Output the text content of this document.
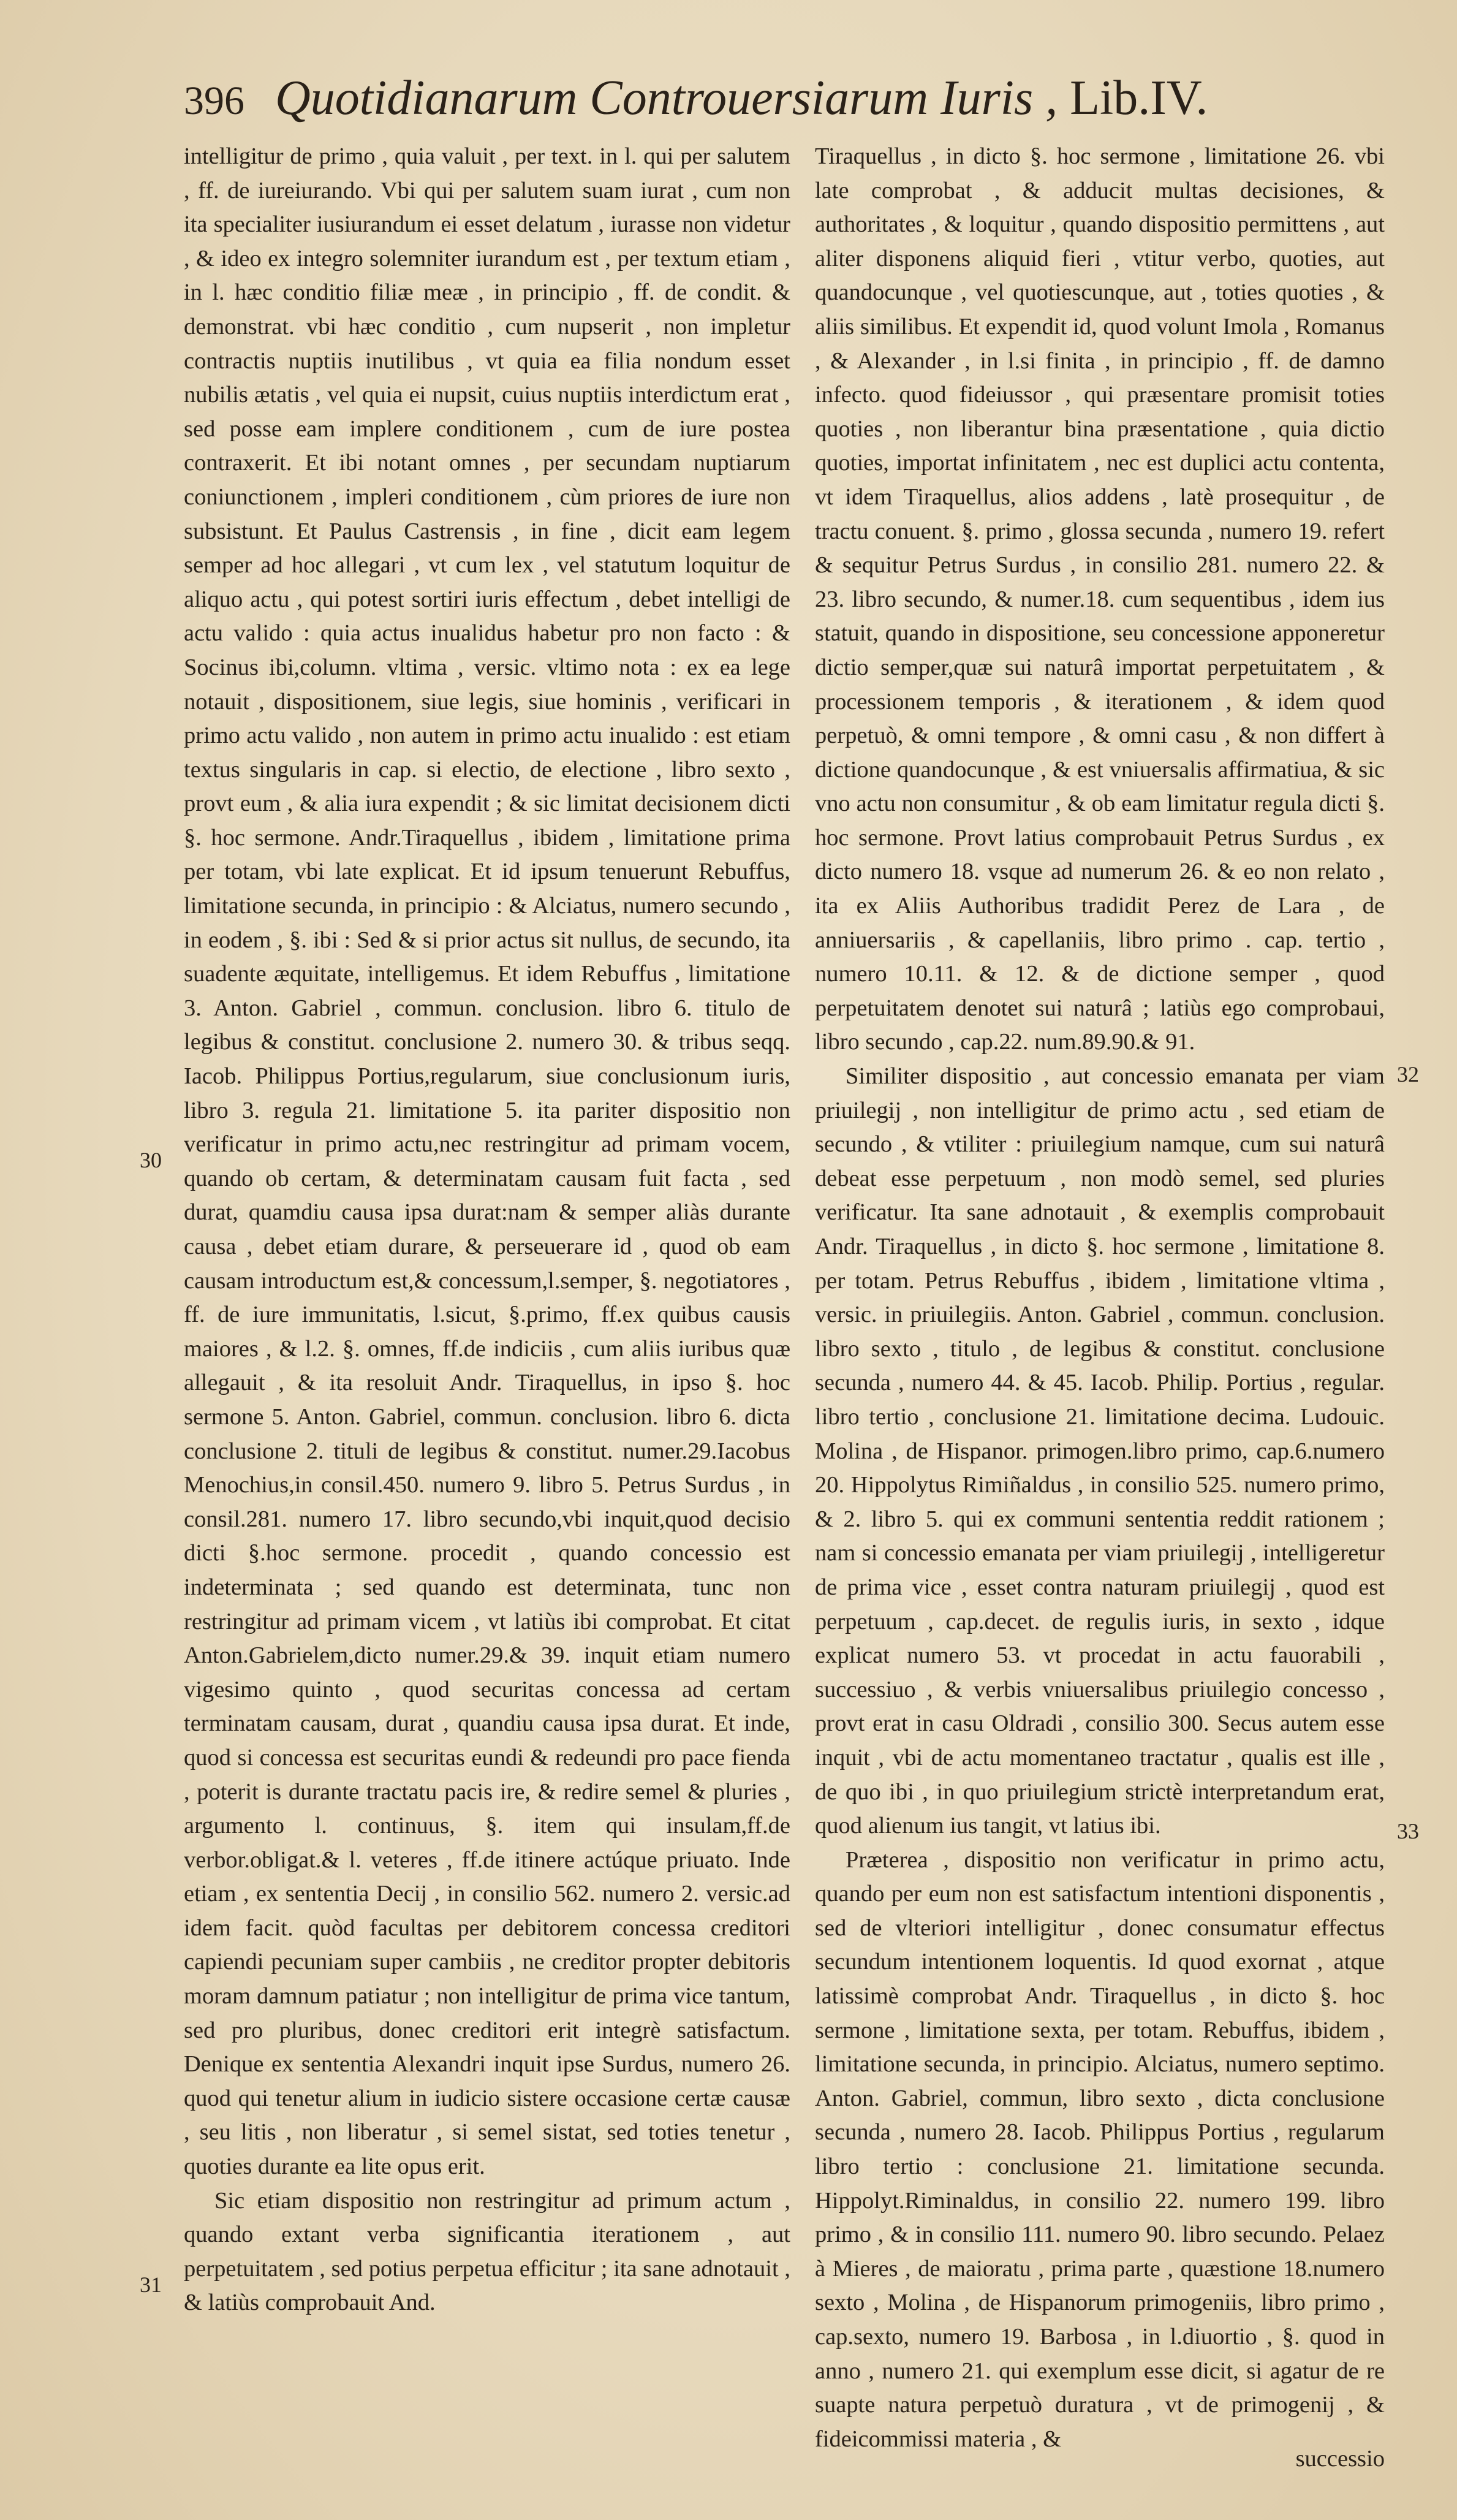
396 Quotidianarum Controuersiarum Iuris , Lib.IV.

intelligitur de primo , quia valuit , per text. in l. qui per salutem , ff. de iureiurando. Vbi qui per salutem suam iurat , cum non ita specialiter iusiurandum ei esset delatum , iurasse non videtur , & ideo ex integro solemniter iurandum est , per textum etiam , in l. hæc conditio filiæ meæ , in principio , ff. de condit. & demonstrat. vbi hæc conditio , cum nupserit , non impletur contractis nuptiis inutilibus , vt quia ea filia nondum esset nubilis ætatis , vel quia ei nupsit, cuius nuptiis interdictum erat , sed posse eam implere conditionem , cum de iure postea contraxerit. Et ibi notant omnes , per secundam nuptiarum coniunctionem , impleri conditionem , cùm priores de iure non subsistunt. Et Paulus Castrensis , in fine , dicit eam legem semper ad hoc allegari , vt cum lex , vel statutum loquitur de aliquo actu , qui potest sortiri iuris effectum , debet intelligi de actu valido : quia actus inualidus habetur pro non facto : & Socinus ibi,column. vltima , versic. vltimo nota : ex ea lege notauit , dispositionem, siue legis, siue hominis , verificari in primo actu valido , non autem in primo actu inualido : est etiam textus singularis in cap. si electio, de electione , libro sexto , provt eum , & alia iura expendit ; & sic limitat decisionem dicti §. hoc sermone. Andr.Tiraquellus , ibidem , limitatione prima per totam, vbi late explicat. Et id ipsum tenuerunt Rebuffus, limitatione secunda, in principio : & Alciatus, numero secundo , in eodem , §. ibi : Sed & si prior actus sit nullus, de secundo, ita suadente æquitate, intelligemus. Et idem Rebuffus , limitatione 3. Anton. Gabriel , commun. conclusion. libro 6. titulo de legibus & constitut. conclusione 2. numero 30. & tribus seqq. Iacob. Philippus Portius,regularum, siue conclusionum iuris, libro 3. regula 21. limitatione 5. ita pariter dispositio non verificatur in primo actu,nec restringitur ad primam vocem, quando ob certam, & determinatam causam fuit facta , sed durat, quamdiu causa ipsa durat:nam & semper aliàs durante causa , debet etiam durare, & perseuerare id , quod ob eam causam introductum est,& concessum,l.semper, §. negotiatores , ff. de iure immunitatis, l.sicut, §.primo, ff.ex quibus causis maiores , & l.2. §. omnes, ff.de indiciis , cum aliis iuribus quæ allegauit , & ita resoluit Andr. Tiraquellus, in ipso §. hoc sermone 5. Anton. Gabriel, commun. conclusion. libro 6. dicta conclusione 2. tituli de legibus & constitut. numer.29.Iacobus Menochius,in consil.450. numero 9. libro 5. Petrus Surdus , in consil.281. numero 17. libro secundo,vbi inquit,quod decisio dicti §.hoc sermone. procedit , quando concessio est indeterminata ; sed quando est determinata, tunc non restringitur ad primam vicem , vt latiùs ibi comprobat. Et citat Anton.Gabrielem,dicto numer.29.& 39. inquit etiam numero vigesimo quinto , quod securitas concessa ad certam terminatam causam, durat , quandiu causa ipsa durat. Et inde, quod si concessa est securitas eundi & redeundi pro pace fienda , poterit is durante tractatu pacis ire, & redire semel & pluries , argumento l. continuus, §. item qui insulam,ff.de verbor.obligat.& l. veteres , ff.de itinere actúque priuato. Inde etiam , ex sententia Decij , in consilio 562. numero 2. versic.ad idem facit. quòd facultas per debitorem concessa creditori capiendi pecuniam super cambiis , ne creditor propter debitoris moram damnum patiatur ; non intelligitur de prima vice tantum, sed pro pluribus, donec creditori erit integrè satisfactum. Denique ex sententia Alexandri inquit ipse Surdus, numero 26. quod qui tenetur alium in iudicio sistere occasione certæ causæ , seu litis , non liberatur , si semel sistat, sed toties tenetur , quoties durante ea lite opus erit.

Sic etiam dispositio non restringitur ad primum actum , quando extant verba significantia iterationem , aut perpetuitatem , sed potius perpetua efficitur ; ita sane adnotauit , & latiùs comprobauit And.

Tiraquellus , in dicto §. hoc sermone , limitatione 26. vbi late comprobat , & adducit multas decisiones, & authoritates , & loquitur , quando dispositio permittens , aut aliter disponens aliquid fieri , vtitur verbo, quoties, aut quandocunque , vel quotiescunque, aut , toties quoties , & aliis similibus. Et expendit id, quod volunt Imola , Romanus , & Alexander , in l.si finita , in principio , ff. de damno infecto. quod fideiussor , qui præsentare promisit toties quoties , non liberantur bina præsentatione , quia dictio quoties, importat infinitatem , nec est duplici actu contenta, vt idem Tiraquellus, alios addens , latè prosequitur , de tractu conuent. §. primo , glossa secunda , numero 19. refert & sequitur Petrus Surdus , in consilio 281. numero 22. & 23. libro secundo, & numer.18. cum sequentibus , idem ius statuit, quando in dispositione, seu concessione apponeretur dictio semper,quæ sui naturâ importat perpetuitatem , & processionem temporis , & iterationem , & idem quod perpetuò, & omni tempore , & omni casu , & non differt à dictione quandocunque , & est vniuersalis affirmatiua, & sic vno actu non consumitur , & ob eam limitatur regula dicti §. hoc sermone. Provt latius comprobauit Petrus Surdus , ex dicto numero 18. vsque ad numerum 26. & eo non relato , ita ex Aliis Authoribus tradidit Perez de Lara , de anniuersariis , & capellaniis, libro primo . cap. tertio , numero 10.11. & 12. & de dictione semper , quod perpetuitatem denotet sui naturâ ; latiùs ego comprobaui, libro secundo , cap.22. num.89.90.& 91.

Similiter dispositio , aut concessio emanata per viam priuilegij , non intelligitur de primo actu , sed etiam de secundo , & vtiliter : priuilegium namque, cum sui naturâ debeat esse perpetuum , non modò semel, sed pluries verificatur. Ita sane adnotauit , & exemplis comprobauit Andr. Tiraquellus , in dicto §. hoc sermone , limitatione 8. per totam. Petrus Rebuffus , ibidem , limitatione vltima , versic. in priuilegiis. Anton. Gabriel , commun. conclusion. libro sexto , titulo , de legibus & constitut. conclusione secunda , numero 44. & 45. Iacob. Philip. Portius , regular. libro tertio , conclusione 21. limitatione decima. Ludouic. Molina , de Hispanor. primogen.libro primo, cap.6.numero 20. Hippolytus Rimiñaldus , in consilio 525. numero primo, & 2. libro 5. qui ex communi sententia reddit rationem ; nam si concessio emanata per viam priuilegij , intelligeretur de prima vice , esset contra naturam priuilegij , quod est perpetuum , cap.decet. de regulis iuris, in sexto , idque explicat numero 53. vt procedat in actu fauorabili , successiuo , & verbis vniuersalibus priuilegio concesso , provt erat in casu Oldradi , consilio 300. Secus autem esse inquit , vbi de actu momentaneo tractatur , qualis est ille , de quo ibi , in quo priuilegium strictè interpretandum erat, quod alienum ius tangit, vt latius ibi.

Præterea , dispositio non verificatur in primo actu, quando per eum non est satisfactum intentioni disponentis , sed de vlteriori intelligitur , donec consumatur effectus secundum intentionem loquentis. Id quod exornat , atque latissimè comprobat Andr. Tiraquellus , in dicto §. hoc sermone , limitatione sexta, per totam. Rebuffus, ibidem , limitatione secunda, in principio. Alciatus, numero septimo. Anton. Gabriel, commun, libro sexto , dicta conclusione secunda , numero 28. Iacob. Philippus Portius , regularum libro tertio : conclusione 21. limitatione secunda. Hippolyt.Riminaldus, in consilio 22. numero 199. libro primo , & in consilio 111. numero 90. libro secundo. Pelaez à Mieres , de maioratu , prima parte , quæstione 18.numero sexto , Molina , de Hispanorum primogeniis, libro primo , cap.sexto, numero 19. Barbosa , in l.diuortio , §. quod in anno , numero 21. qui exemplum esse dicit, si agatur de re suapte natura perpetuò duratura , vt de primogenij , & fideicommissi materia , &

30
31
32
33
successio
